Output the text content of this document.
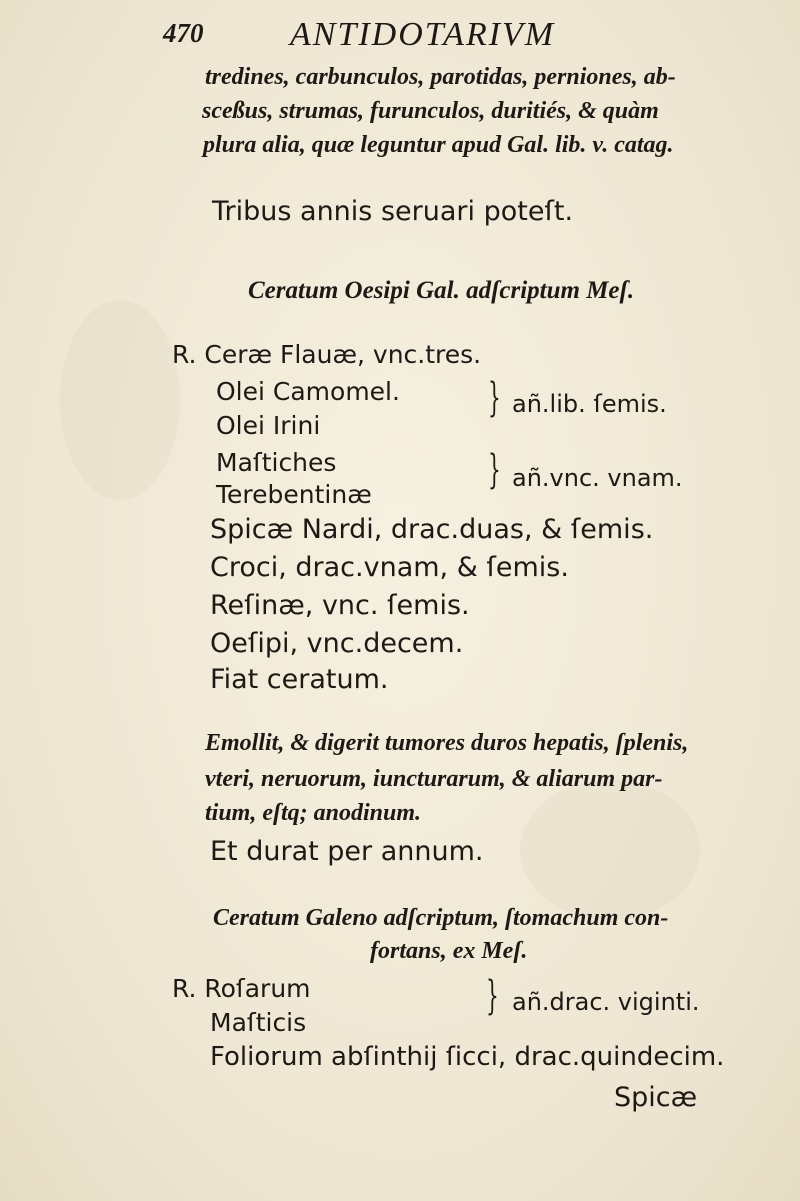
470	ANTIDOTARIVM
tredines, carbunculos, parotidas, perniones, ab-
sceßus, strumas, furunculos, duritiés, & quàm
plura alia, quæ leguntur apud Gal. lib. v. catag.
Tribus annis seruari poteſt.
Ceratum Oesipi Gal. adſcriptum Meſ.
R. Ceræ Flauæ, vnc.tres.
Olei Camomel.
Olei Irini
} añ.lib. ſemis.
Maſtiches
Terebentinæ
} añ.vnc. vnam.
Spicæ Nardi, drac.duas, & ſemis.
Croci, drac.vnam, & ſemis.
Reſinæ, vnc. ſemis.
Oeſipi, vnc.decem.
Fiat ceratum.
Emollit, & digerit tumores duros hepatis, ſplenis,
vteri, neruorum, iuncturarum, & aliarum par-
tium, eſtq; anodinum.
Et durat per annum.
Ceratum Galeno adſcriptum, ſtomachum con-
fortans, ex Meſ.
R. Roſarum
Maſticis
} añ.drac. viginti.
Foliorum abſinthij ſicci, drac.quindecim.
Spicæ
